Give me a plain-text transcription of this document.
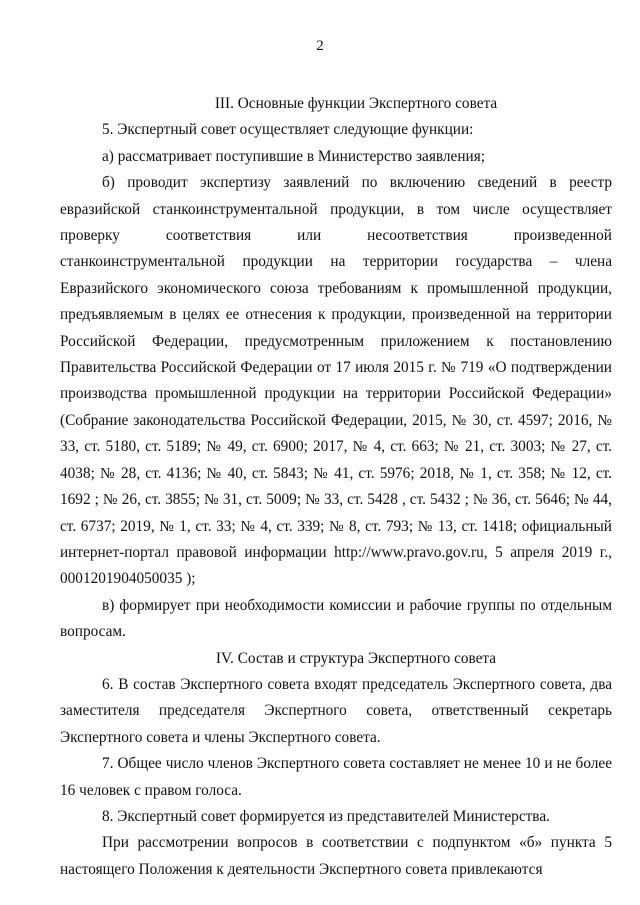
2

III. Основные функции Экспертного совета

5. Экспертный совет осуществляет следующие функции:

а) рассматривает поступившие в Министерство заявления;

б) проводит экспертизу заявлений по включению сведений в реестр евразийской станкоинструментальной продукции, в том числе осуществляет проверку соответствия или несоответствия произведенной станкоинструментальной продукции на территории государства – члена Евразийского экономического союза требованиям к промышленной продукции, предъявляемым в целях ее отнесения к продукции, произведенной на территории Российской Федерации, предусмотренным приложением к постановлению Правительства Российской Федерации от 17 июля 2015 г. № 719 «О подтверждении производства промышленной продукции на территории Российской Федерации» (Собрание законодательства Российской Федерации, 2015, № 30, ст. 4597; 2016, № 33, ст. 5180, ст. 5189; № 49, ст. 6900; 2017, № 4, ст. 663; № 21, ст. 3003; № 27, ст. 4038; № 28, ст. 4136; № 40, ст. 5843; № 41, ст. 5976; 2018, № 1, ст. 358; № 12, ст. 1692 ; № 26, ст. 3855; № 31, ст. 5009; № 33, ст. 5428 , ст. 5432 ; № 36, ст. 5646; № 44, ст. 6737; 2019, № 1, ст. 33; № 4, ст. 339; № 8, ст. 793; № 13, ст. 1418; официальный интернет-портал правовой информации http://www.pravo.gov.ru, 5 апреля 2019 г., 0001201904050035 );

в) формирует при необходимости комиссии и рабочие группы по отдельным вопросам.

IV. Состав и структура Экспертного совета

6. В состав Экспертного совета входят председатель Экспертного совета, два заместителя председателя Экспертного совета, ответственный секретарь Экспертного совета и члены Экспертного совета.

7. Общее число членов Экспертного совета составляет не менее 10 и не более 16 человек с правом голоса.

8. Экспертный совет формируется из представителей Министерства.

При рассмотрении вопросов в соответствии с подпунктом «б» пункта 5 настоящего Положения к деятельности Экспертного совета привлекаются
